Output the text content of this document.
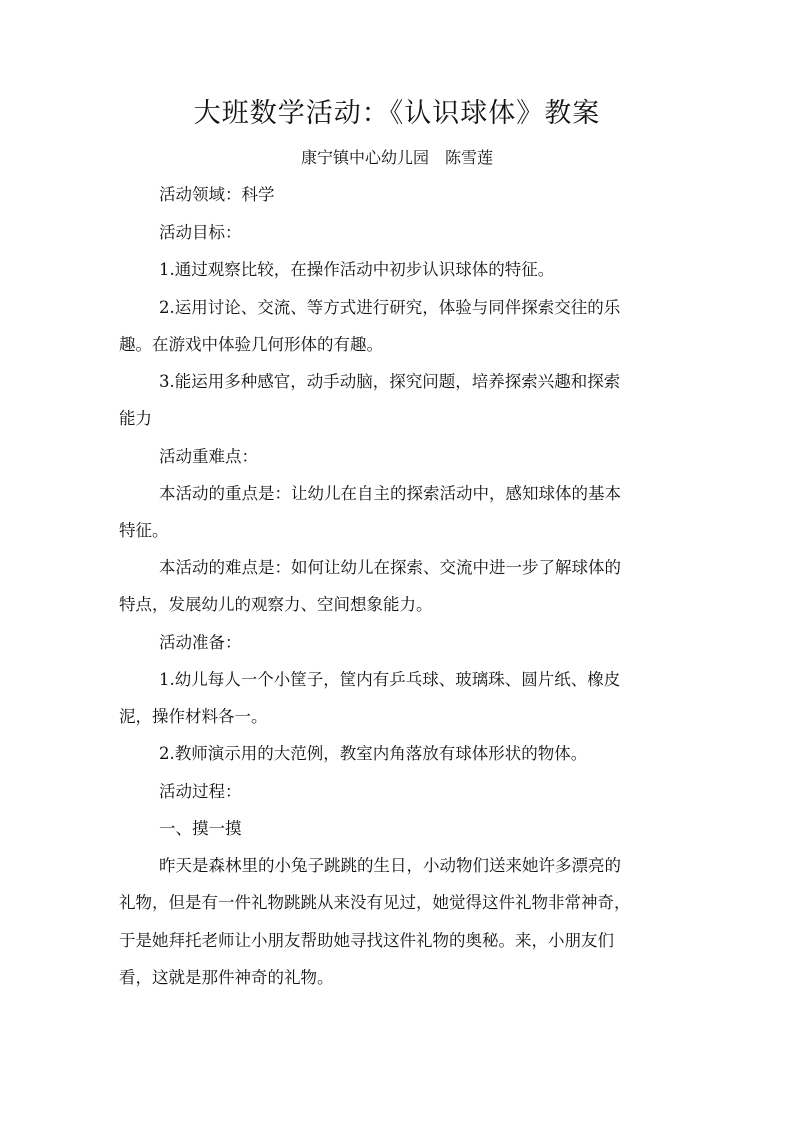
大班数学活动：《认识球体》教案
康宁镇中心幼儿园　陈雪莲
活动领域：科学
活动目标：
1.通过观察比较，在操作活动中初步认识球体的特征。
2.运用讨论、交流、等方式进行研究，体验与同伴探索交往的乐
趣。在游戏中体验几何形体的有趣。
3.能运用多种感官，动手动脑，探究问题，培养探索兴趣和探索
能力
活动重难点：
本活动的重点是：让幼儿在自主的探索活动中，感知球体的基本
特征。
本活动的难点是：如何让幼儿在探索、交流中进一步了解球体的
特点，发展幼儿的观察力、空间想象能力。
活动准备：
1.幼儿每人一个小筐子，筐内有乒乓球、玻璃珠、圆片纸、橡皮
泥，操作材料各一。
2.教师演示用的大范例，教室内角落放有球体形状的物体。
活动过程：
一、摸一摸
昨天是森林里的小兔子跳跳的生日，小动物们送来她许多漂亮的
礼物，但是有一件礼物跳跳从来没有见过，她觉得这件礼物非常神奇，
于是她拜托老师让小朋友帮助她寻找这件礼物的奥秘。来，小朋友们
看，这就是那件神奇的礼物。
